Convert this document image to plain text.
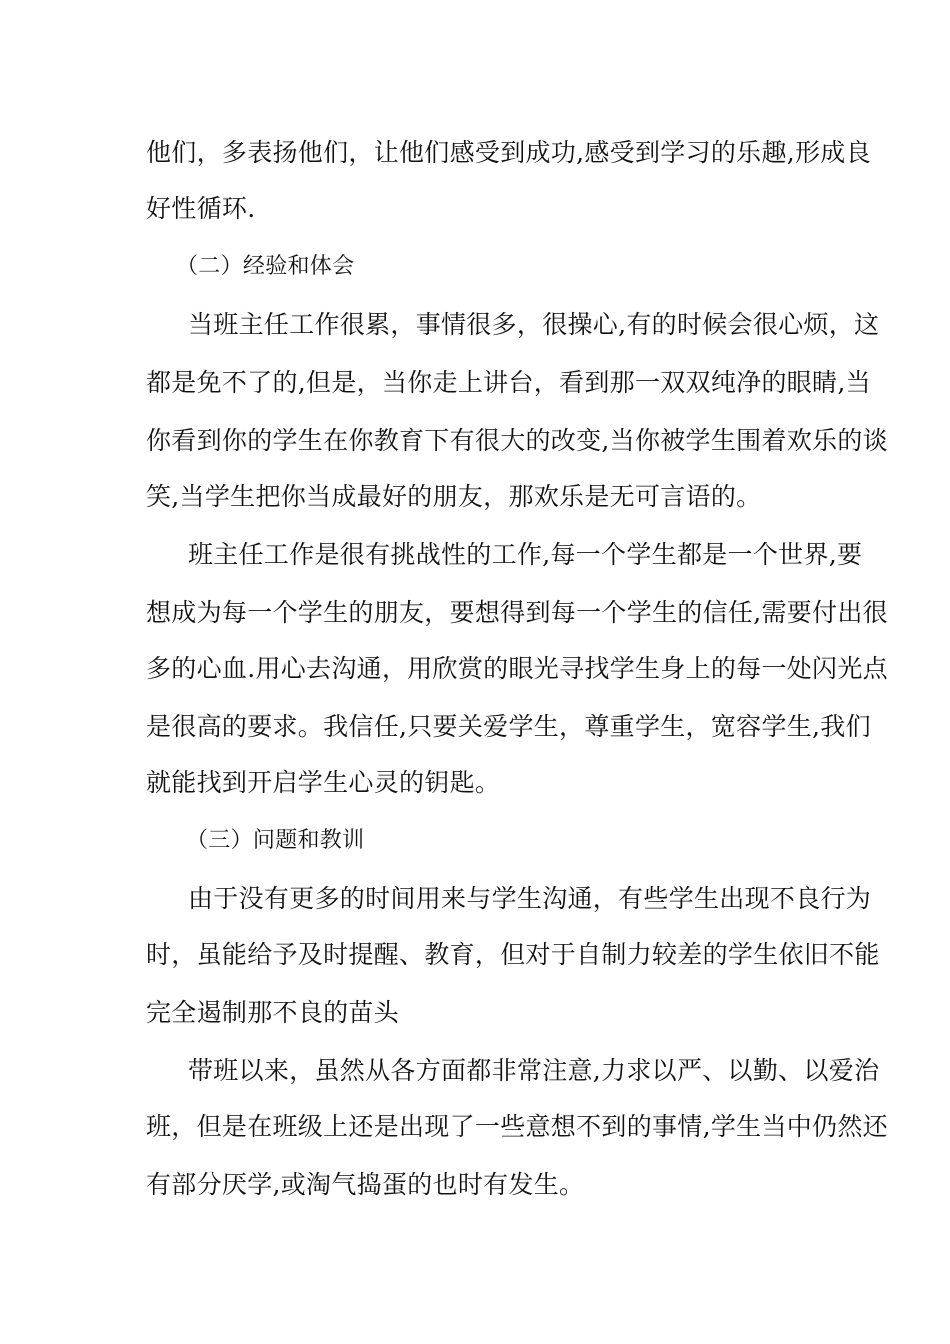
他们，多表扬他们，让他们感受到成功,感受到学习的乐趣,形成良
好性循环.
（二）经验和体会
当班主任工作很累，事情很多，很操心,有的时候会很心烦，这
都是免不了的,但是，当你走上讲台，看到那一双双纯净的眼睛,当
你看到你的学生在你教育下有很大的改变,当你被学生围着欢乐的谈
笑,当学生把你当成最好的朋友，那欢乐是无可言语的。
班主任工作是很有挑战性的工作,每一个学生都是一个世界,要
想成为每一个学生的朋友，要想得到每一个学生的信任,需要付出很
多的心血.用心去沟通，用欣赏的眼光寻找学生身上的每一处闪光点
是很高的要求。我信任,只要关爱学生，尊重学生，宽容学生,我们
就能找到开启学生心灵的钥匙。
（三）问题和教训
由于没有更多的时间用来与学生沟通，有些学生出现不良行为
时，虽能给予及时提醒、教育，但对于自制力较差的学生依旧不能
完全遏制那不良的苗头
带班以来，虽然从各方面都非常注意,力求以严、以勤、以爱治
班，但是在班级上还是出现了一些意想不到的事情,学生当中仍然还
有部分厌学,或淘气捣蛋的也时有发生。
